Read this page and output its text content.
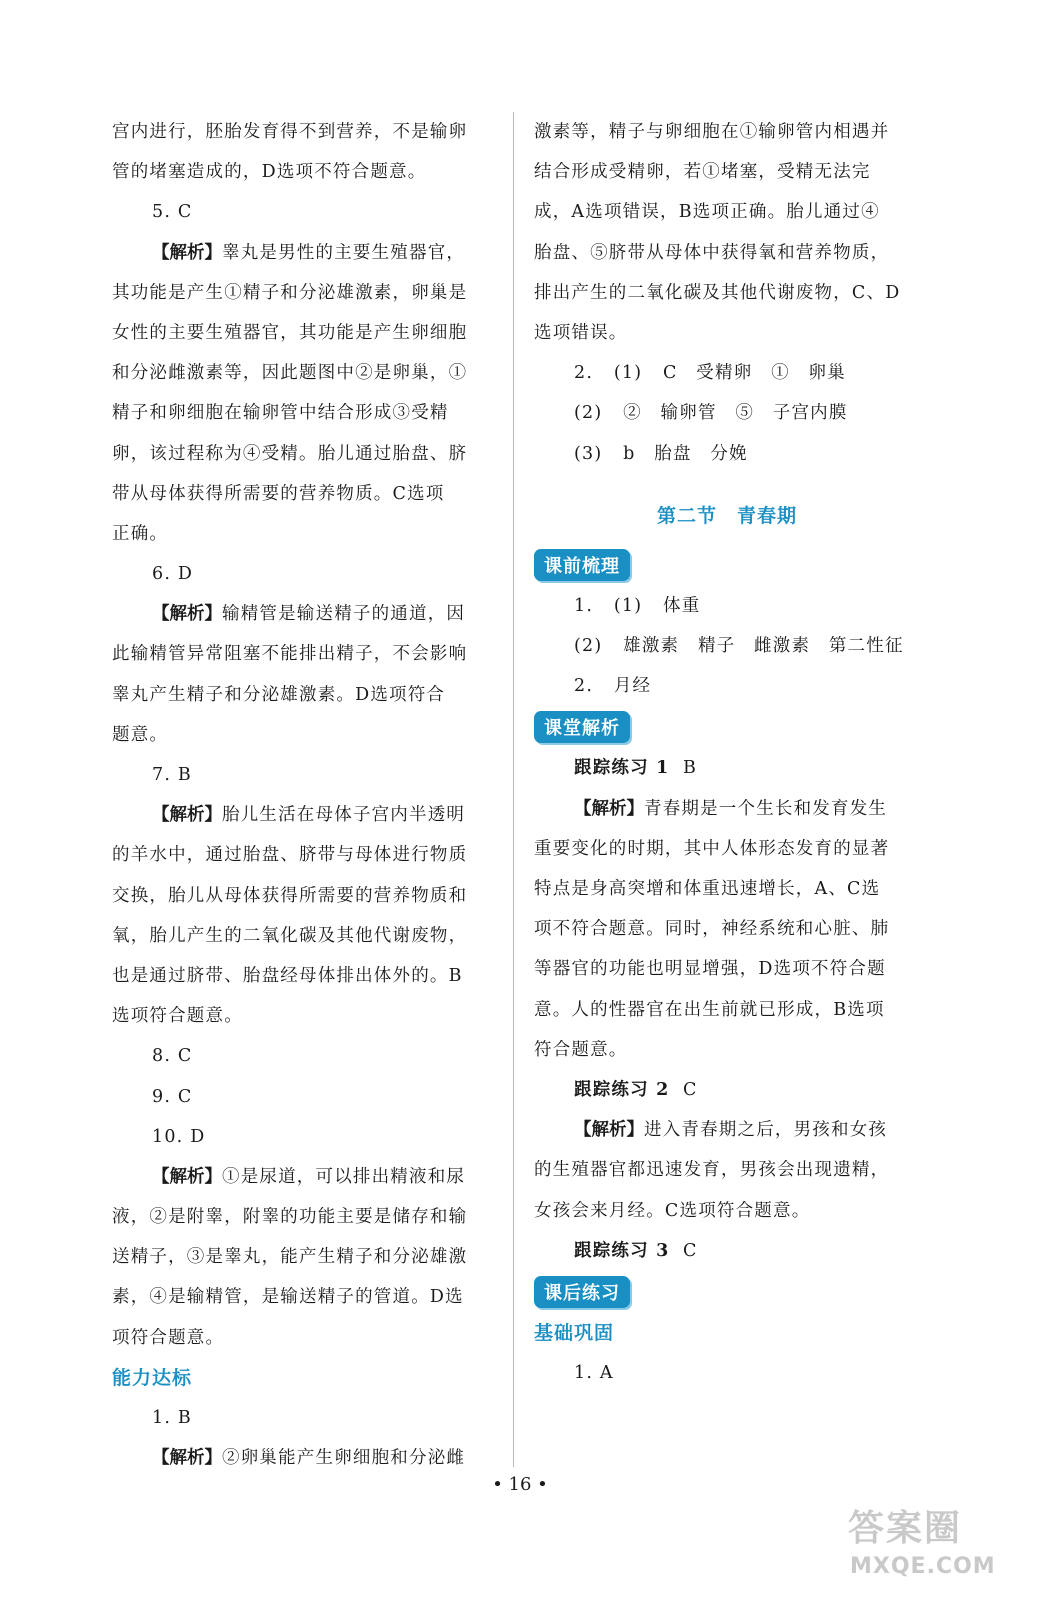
宫内进行，胚胎发育得不到营养，不是输卵
管的堵塞造成的，D选项不符合题意。
5. C
【解析】睾丸是男性的主要生殖器官，
其功能是产生①精子和分泌雄激素，卵巢是
女性的主要生殖器官，其功能是产生卵细胞
和分泌雌激素等，因此题图中②是卵巢，①
精子和卵细胞在输卵管中结合形成③受精
卵，该过程称为④受精。胎儿通过胎盘、脐
带从母体获得所需要的营养物质。C选项
正确。
6. D
【解析】输精管是输送精子的通道，因
此输精管异常阻塞不能排出精子，不会影响
睾丸产生精子和分泌雄激素。D选项符合
题意。
7. B
【解析】胎儿生活在母体子宫内半透明
的羊水中，通过胎盘、脐带与母体进行物质
交换，胎儿从母体获得所需要的营养物质和
氧，胎儿产生的二氧化碳及其他代谢废物，
也是通过脐带、胎盘经母体排出体外的。B
选项符合题意。
8. C
9. C
10. D
【解析】①是尿道，可以排出精液和尿
液，②是附睾，附睾的功能主要是储存和输
送精子，③是睾丸，能产生精子和分泌雄激
素，④是输精管，是输送精子的管道。D选
项符合题意。
能力达标
1. B
【解析】②卵巢能产生卵细胞和分泌雌
激素等，精子与卵细胞在①输卵管内相遇并
结合形成受精卵，若①堵塞，受精无法完
成，A选项错误，B选项正确。胎儿通过④
胎盘、⑤脐带从母体中获得氧和营养物质，
排出产生的二氧化碳及其他代谢废物，C、D
选项错误。
2. (1) C　受精卵　①　卵巢
(2) ②　输卵管　⑤　子宫内膜
(3) b　胎盘　分娩
第二节　青春期
课前梳理
1. (1) 体重
(2) 雄激素　精子　雌激素　第二性征
2. 月经
课堂解析
跟踪练习 1 B
【解析】青春期是一个生长和发育发生
重要变化的时期，其中人体形态发育的显著
特点是身高突增和体重迅速增长，A、C选
项不符合题意。同时，神经系统和心脏、肺
等器官的功能也明显增强，D选项不符合题
意。人的性器官在出生前就已形成，B选项
符合题意。
跟踪练习 2 C
【解析】进入青春期之后，男孩和女孩
的生殖器官都迅速发育，男孩会出现遗精，
女孩会来月经。C选项符合题意。
跟踪练习 3 C
课后练习
基础巩固
1. A
• 16 •
答案圈
MXQE.COM
